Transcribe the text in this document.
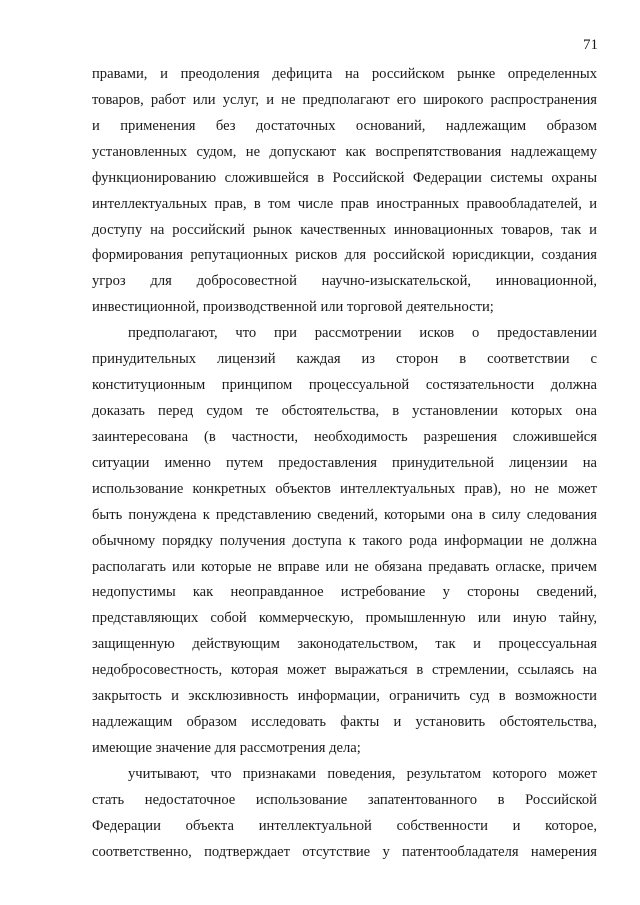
71
правами, и преодоления дефицита на российском рынке определенных
товаров, работ или услуг, и не предполагают его широкого распространения
и применения без достаточных оснований, надлежащим образом
установленных судом, не допускают как воспрепятствования надлежащему
функционированию сложившейся в Российской Федерации системы охраны
интеллектуальных прав, в том числе прав иностранных правообладателей, и
доступу на российский рынок качественных инновационных товаров, так и
формирования репутационных рисков для российской юрисдикции, создания
угроз для добросовестной научно-изыскательской, инновационной,
инвестиционной, производственной или торговой деятельности;
предполагают, что при рассмотрении исков о предоставлении
принудительных лицензий каждая из сторон в соответствии с
конституционным принципом процессуальной состязательности должна
доказать перед судом те обстоятельства, в установлении которых она
заинтересована (в частности, необходимость разрешения сложившейся
ситуации именно путем предоставления принудительной лицензии на
использование конкретных объектов интеллектуальных прав), но не может
быть понуждена к представлению сведений, которыми она в силу следования
обычному порядку получения доступа к такого рода информации не должна
располагать или которые не вправе или не обязана предавать огласке, причем
недопустимы как неоправданное истребование у стороны сведений,
представляющих собой коммерческую, промышленную или иную тайну,
защищенную действующим законодательством, так и процессуальная
недобросовестность, которая может выражаться в стремлении, ссылаясь на
закрытость и эксклюзивность информации, ограничить суд в возможности
надлежащим образом исследовать факты и установить обстоятельства,
имеющие значение для рассмотрения дела;
учитывают, что признаками поведения, результатом которого может
стать недостаточное использование запатентованного в Российской
Федерации объекта интеллектуальной собственности и которое,
соответственно, подтверждает отсутствие у патентообладателя намерения
